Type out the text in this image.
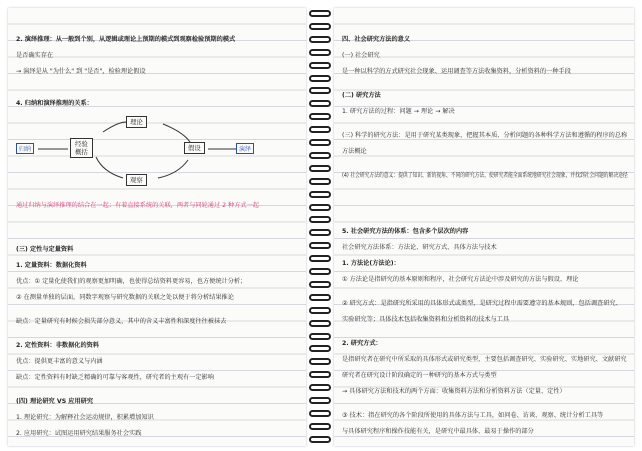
2. 演绎推理：从一般到个别，从逻辑或理论上预期的模式到观察检验预期的模式
是否确实存在
→ 演绎是从 "为什么" 到 "是否"，检验理论假设
4. 归纳和演绎推理的关系：
归纳	演绎
理论
假设
观察
经验
概括
通过归纳与演绎推理的结合在一起；有着直接系统的关联，两者与同轮通过 2 种方式一起
(三) 定性与定量资料
1. 定量资料：数据化资料
优点：① 定量化使我们的观察更加明确，也使得总结资料更容易，也方便统计分析；
② 在测量单独的层面，同数字观察与研究数据的关联之处以便于将分析结果推论
缺点：定量研究有时候会损失部分意义，其中的含义丰富性和深度往往被抹去
2. 定性资料：非数据化的资料
优点：提供更丰富的意义与内涵
缺点：定性资料有时缺乏精确的可靠与客观性，研究者的主观有一定影响
(四) 理论研究 VS 应用研究
1. 理论研究：为解释社会运动规律，积累增加知识
2. 应用研究：试图运用研究结果服务社会实践
四、社会研究方法的意义
(一) 社会研究
是一种以科学的方式研究社会现象、运用调查等方法收集资料，分析资料的一种手段
(二) 研究方法
1. 研究方法的过程：问题 → 理论 → 解决
(三) 科学的研究方法：是用于研究某类现象，把握其本质、分析问题的各种科学方法和遵循的程序的总称
方法概论
(4) 社会研究方法的意义：提供了知识、新的视角、不同的研究方法，使研究者能全面系统地研究社会现象，并找到社会问题的解决途径
5. 社会研究方法的体系：包含多个层次的内容
社会研究方法体系：方法论、研究方式、具体方法与技术
1. 方法论(方法论)：
① 方法论是指研究的基本原则和程序，社会研究方法论中涉及研究的方法与假设、理论
② 研究方式：是指研究所采用的具体形式或类型，是研究过程中需要遵守的基本规则，包括调查研究、
实验研究等；具体技术包括收集资料和分析资料的技术与工具
2. 研究方式：
是指研究者在研究中所采取的具体形式或研究类型，主要包括调查研究、实验研究、实地研究、文献研究
研究者在研究设计阶段确定的一种研究的基本方式与类型
→ 具体研究方法和技术的两个方面：收集资料方法和分析资料方法（定量、定性）
③ 技术：指在研究的各个阶段所使用的具体方法与工具，如问卷、访谈、观察、统计分析工具等
与具体研究程序和操作技能有关，是研究中最具体、最易于操作的部分
